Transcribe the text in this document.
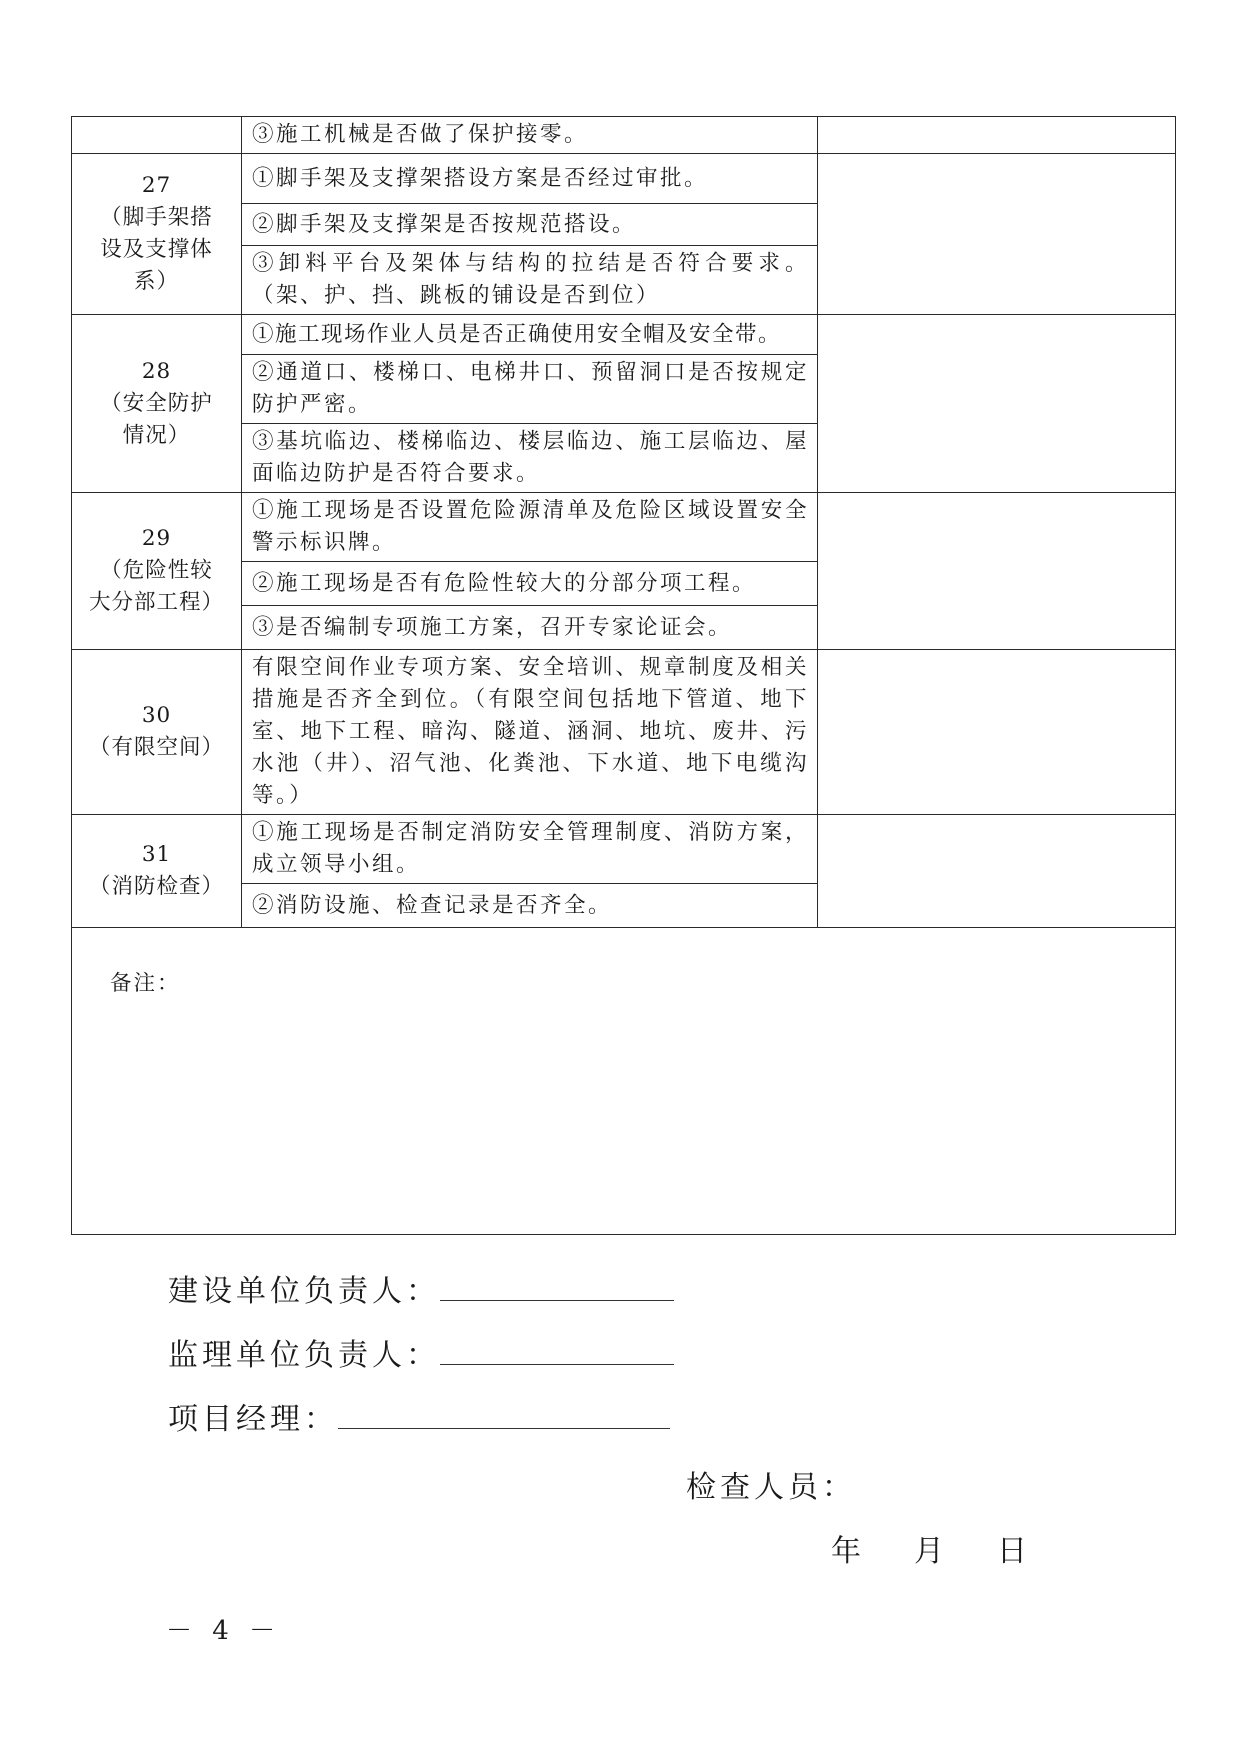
	③施工机械是否做了保护接零。	

27
（脚手架搭
设及支撑体
系）	①脚手架及支撑架搭设方案是否经过审批。	
	②脚手架及支撑架是否按规范搭设。	
	③卸料平台及架体与结构的拉结是否符合要求。（架、护、挡、跳板的铺设是否到位）	

28
（安全防护
情况）	①施工现场作业人员是否正确使用安全帽及安全带。	
	②通道口、楼梯口、电梯井口、预留洞口是否按规定防护严密。	
	③基坑临边、楼梯临边、楼层临边、施工层临边、屋面临边防护是否符合要求。	

29
（危险性较
大分部工程）	①施工现场是否设置危险源清单及危险区域设置安全警示标识牌。	
	②施工现场是否有危险性较大的分部分项工程。	
	③是否编制专项施工方案，召开专家论证会。	

30
（有限空间）	有限空间作业专项方案、安全培训、规章制度及相关措施是否齐全到位。（有限空间包括地下管道、地下室、地下工程、暗沟、隧道、涵洞、地坑、废井、污水池（井）、沼气池、化粪池、下水道、地下电缆沟等。）	

31
（消防检查）	①施工现场是否制定消防安全管理制度、消防方案，成立领导小组。	
	②消防设施、检查记录是否齐全。	
备注：		
建设单位负责人：
监理单位负责人：
项目经理：
检查人员：
年 月 日
－ 4 －
